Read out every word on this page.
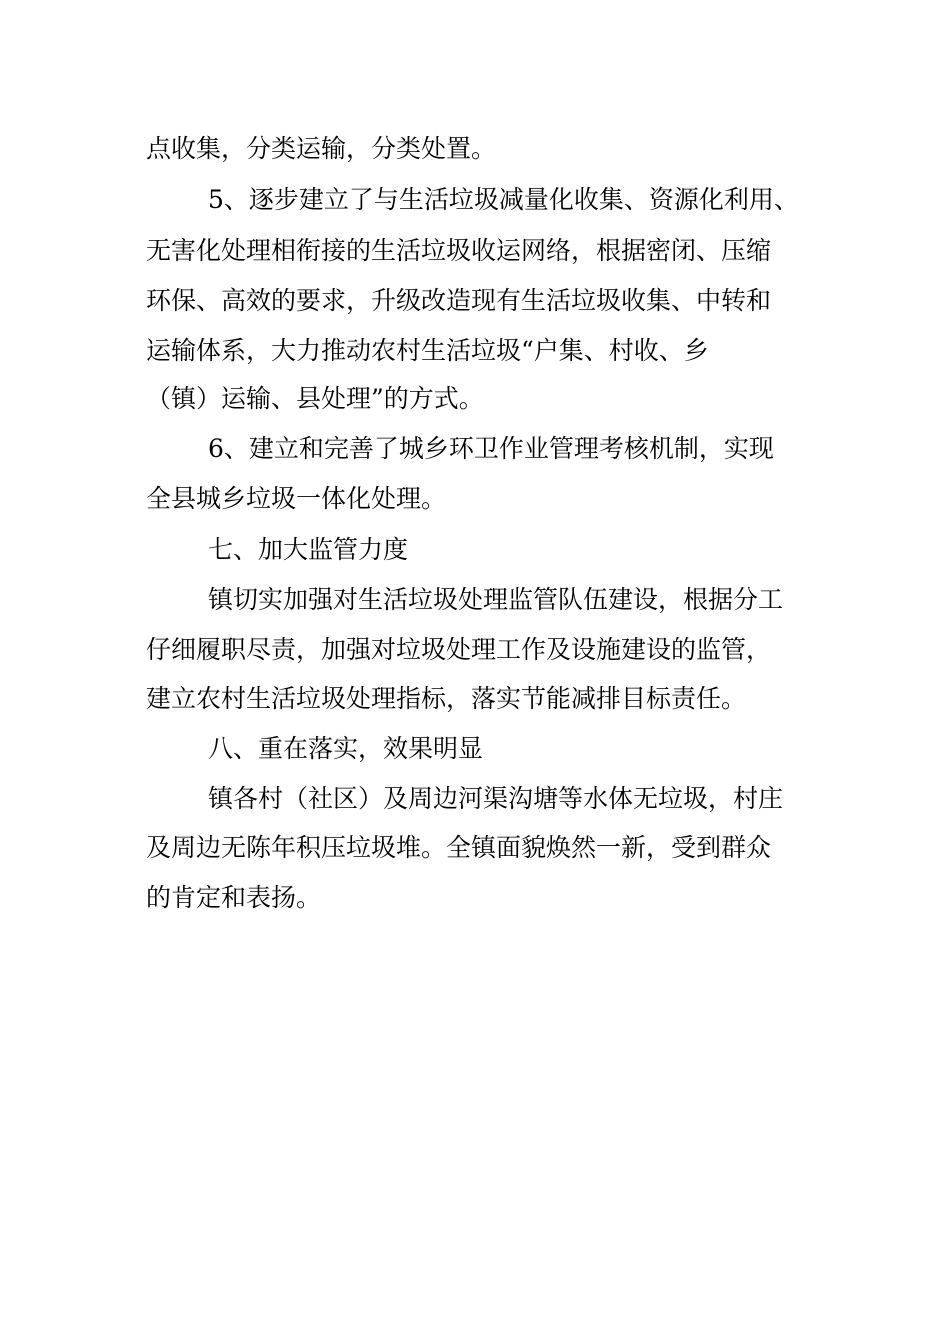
点收集，分类运输，分类处置。
5、逐步建立了与生活垃圾减量化收集、资源化利用、
无害化处理相衔接的生活垃圾收运网络，根据密闭、压缩
环保、高效的要求，升级改造现有生活垃圾收集、中转和
运输体系，大力推动农村生活垃圾“户集、村收、乡
（镇）运输、县处理”的方式。
6、建立和完善了城乡环卫作业管理考核机制，实现
全县城乡垃圾一体化处理。
七、加大监管力度
镇切实加强对生活垃圾处理监管队伍建设，根据分工
仔细履职尽责，加强对垃圾处理工作及设施建设的监管，
建立农村生活垃圾处理指标，落实节能减排目标责任。
八、重在落实，效果明显
镇各村（社区）及周边河渠沟塘等水体无垃圾，村庄
及周边无陈年积压垃圾堆。全镇面貌焕然一新，受到群众
的肯定和表扬。
